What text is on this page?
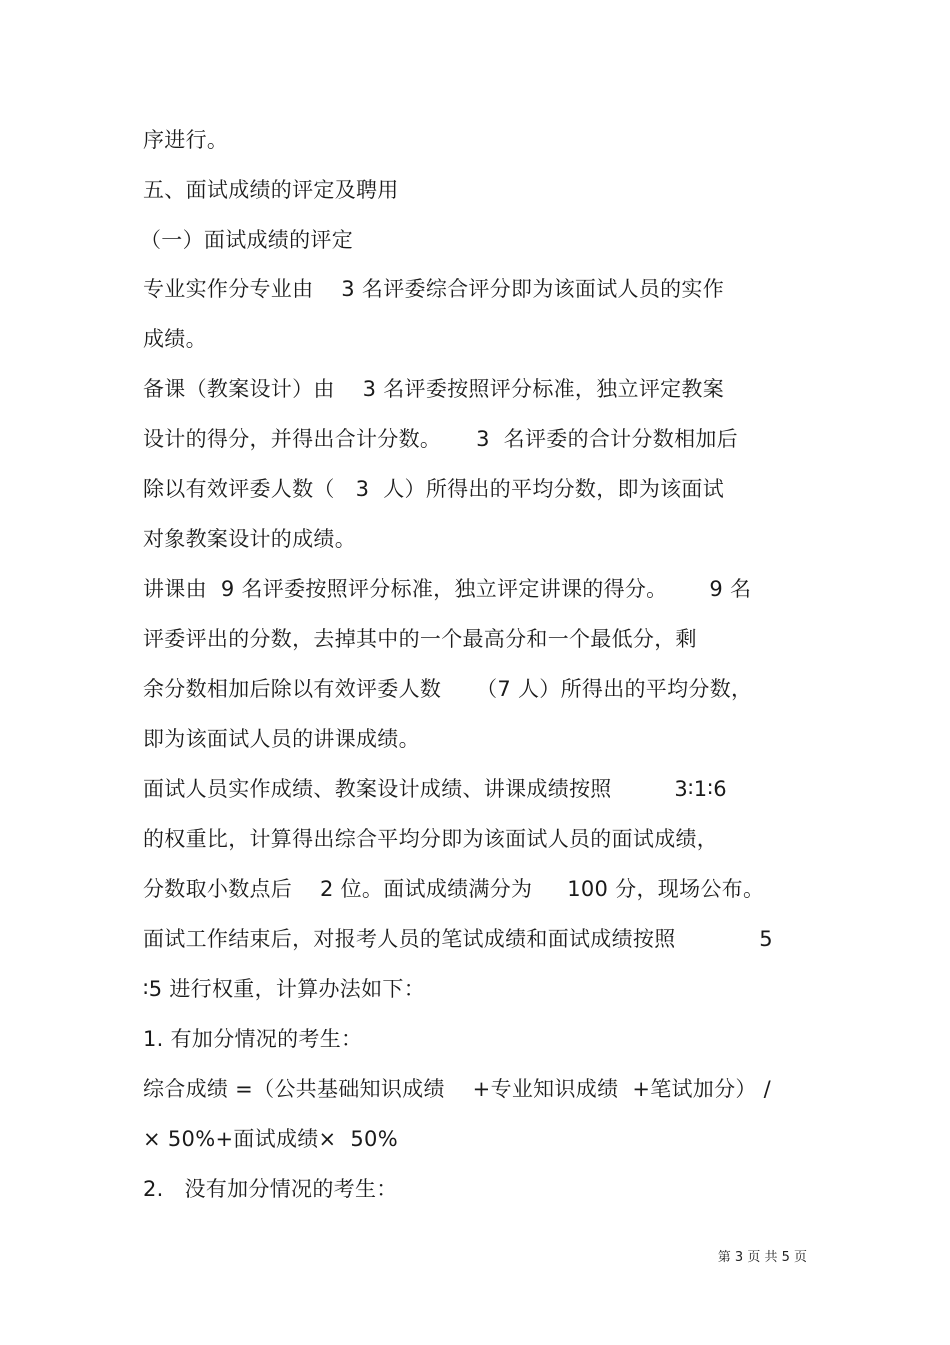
序进行。
五、面试成绩的评定及聘用
（一）面试成绩的评定
专业实作分专业由    3 名评委综合评分即为该面试人员的实作
成绩。
备课（教案设计）由    3 名评委按照评分标准，独立评定教案
设计的得分，并得出合计分数。     3  名评委的合计分数相加后
除以有效评委人数（   3  人）所得出的平均分数，即为该面试
对象教案设计的成绩。
讲课由  9 名评委按照评分标准，独立评定讲课的得分。      9 名
评委评出的分数，去掉其中的一个最高分和一个最低分，剩
余分数相加后除以有效评委人数     （7 人）所得出的平均分数，
即为该面试人员的讲课成绩。
面试人员实作成绩、教案设计成绩、讲课成绩按照         3∶1∶6
的权重比，计算得出综合平均分即为该面试人员的面试成绩，
分数取小数点后    2 位。面试成绩满分为     100 分，现场公布。
面试工作结束后，对报考人员的笔试成绩和面试成绩按照            5
∶5 进行权重，计算办法如下：
1. 有加分情况的考生：
综合成绩 =（公共基础知识成绩    +专业知识成绩  +笔试加分） /
× 50%+面试成绩×  50%
2.   没有加分情况的考生：
第 3 页 共 5 页
